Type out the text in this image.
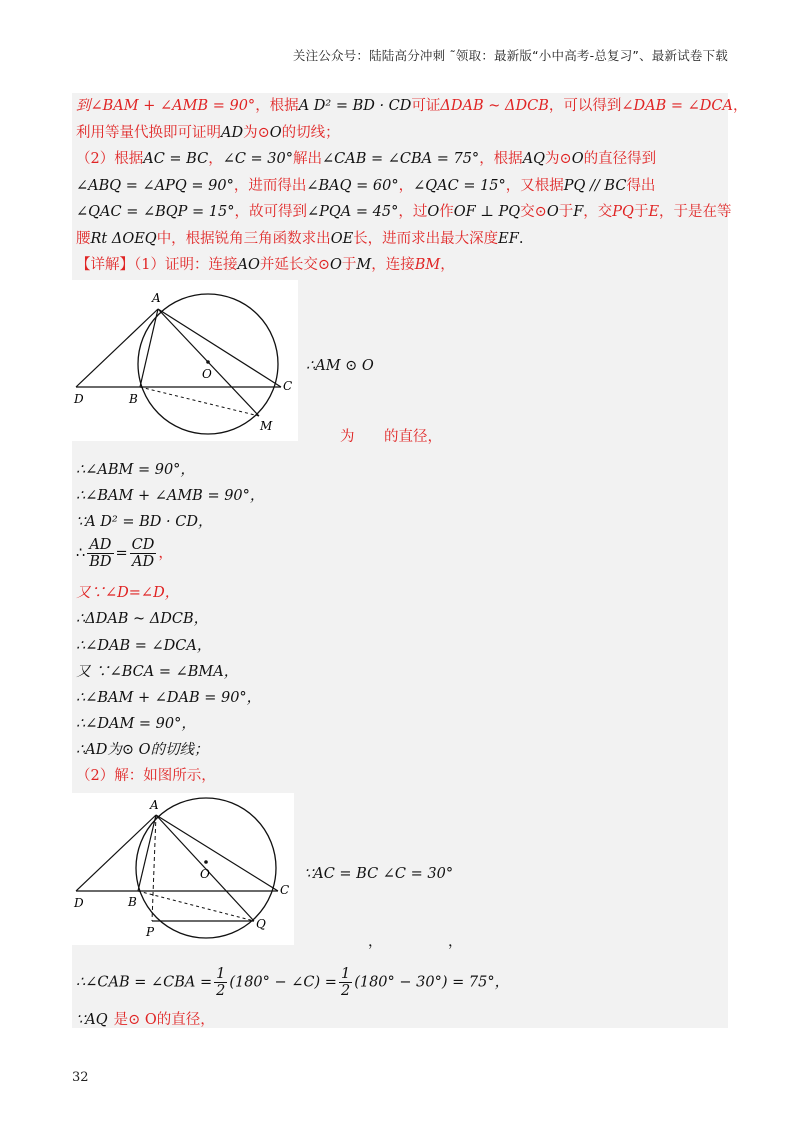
关注公众号：陆陆高分冲刺 ˜领取：最新版“小中高考-总复习”、最新试卷下载
到∠BAM + ∠AMB = 90°，根据A D² = BD · CD可证ΔDAB ~ ΔDCB，可以得到∠DAB = ∠DCA，
利用等量代换即可证明AD为⊙O的切线；
（2）根据AC = BC，∠C = 30°解出∠CAB = ∠CBA = 75°，根据AQ为⊙O的直径得到
∠ABQ = ∠APQ = 90°，进而得出∠BAQ = 60°，∠QAC = 15°，又根据PQ // BC得出
∠QAC = ∠BQP = 15°，故可得到∠PQA = 45°，过O作OF ⊥ PQ交⊙O于F，交PQ于E，于是在等
腰Rt ΔOEQ中，根据锐角三角函数求出OE长，进而求出最大深度EF.
【详解】（1）证明：连接AO并延长交⊙O于M，连接BM，
A
O
D	B
C
M
∴AM ⊙ O
为 的直径，
∴∠ABM = 90°，
∴∠BAM + ∠AMB = 90°，
∵A D² = BD · CD，
∴ $\frac{AD}{BD} = \frac{CD}{AD}$ ，
又∵∠D=∠D，
∴ΔDAB ~ ΔDCB，
∴∠DAB = ∠DCA，
又 ∵∠BCA = ∠BMA，
∴∠BAM + ∠DAB = 90°，
∴∠DAM = 90°，
∴AD为⊙ O的切线；
（2）解：如图所示，
A
O
D	B
C
P
Q
∵AC = BC ∠C = 30°
，	，
∴∠CAB = ∠CBA = $\frac{1}{2} (180^\circ$ − ∠C) = $\frac{1}{2} (180^\circ - 30^\circ) = 75^\circ$，
∵AQ 是⊙ O的直径，
32
